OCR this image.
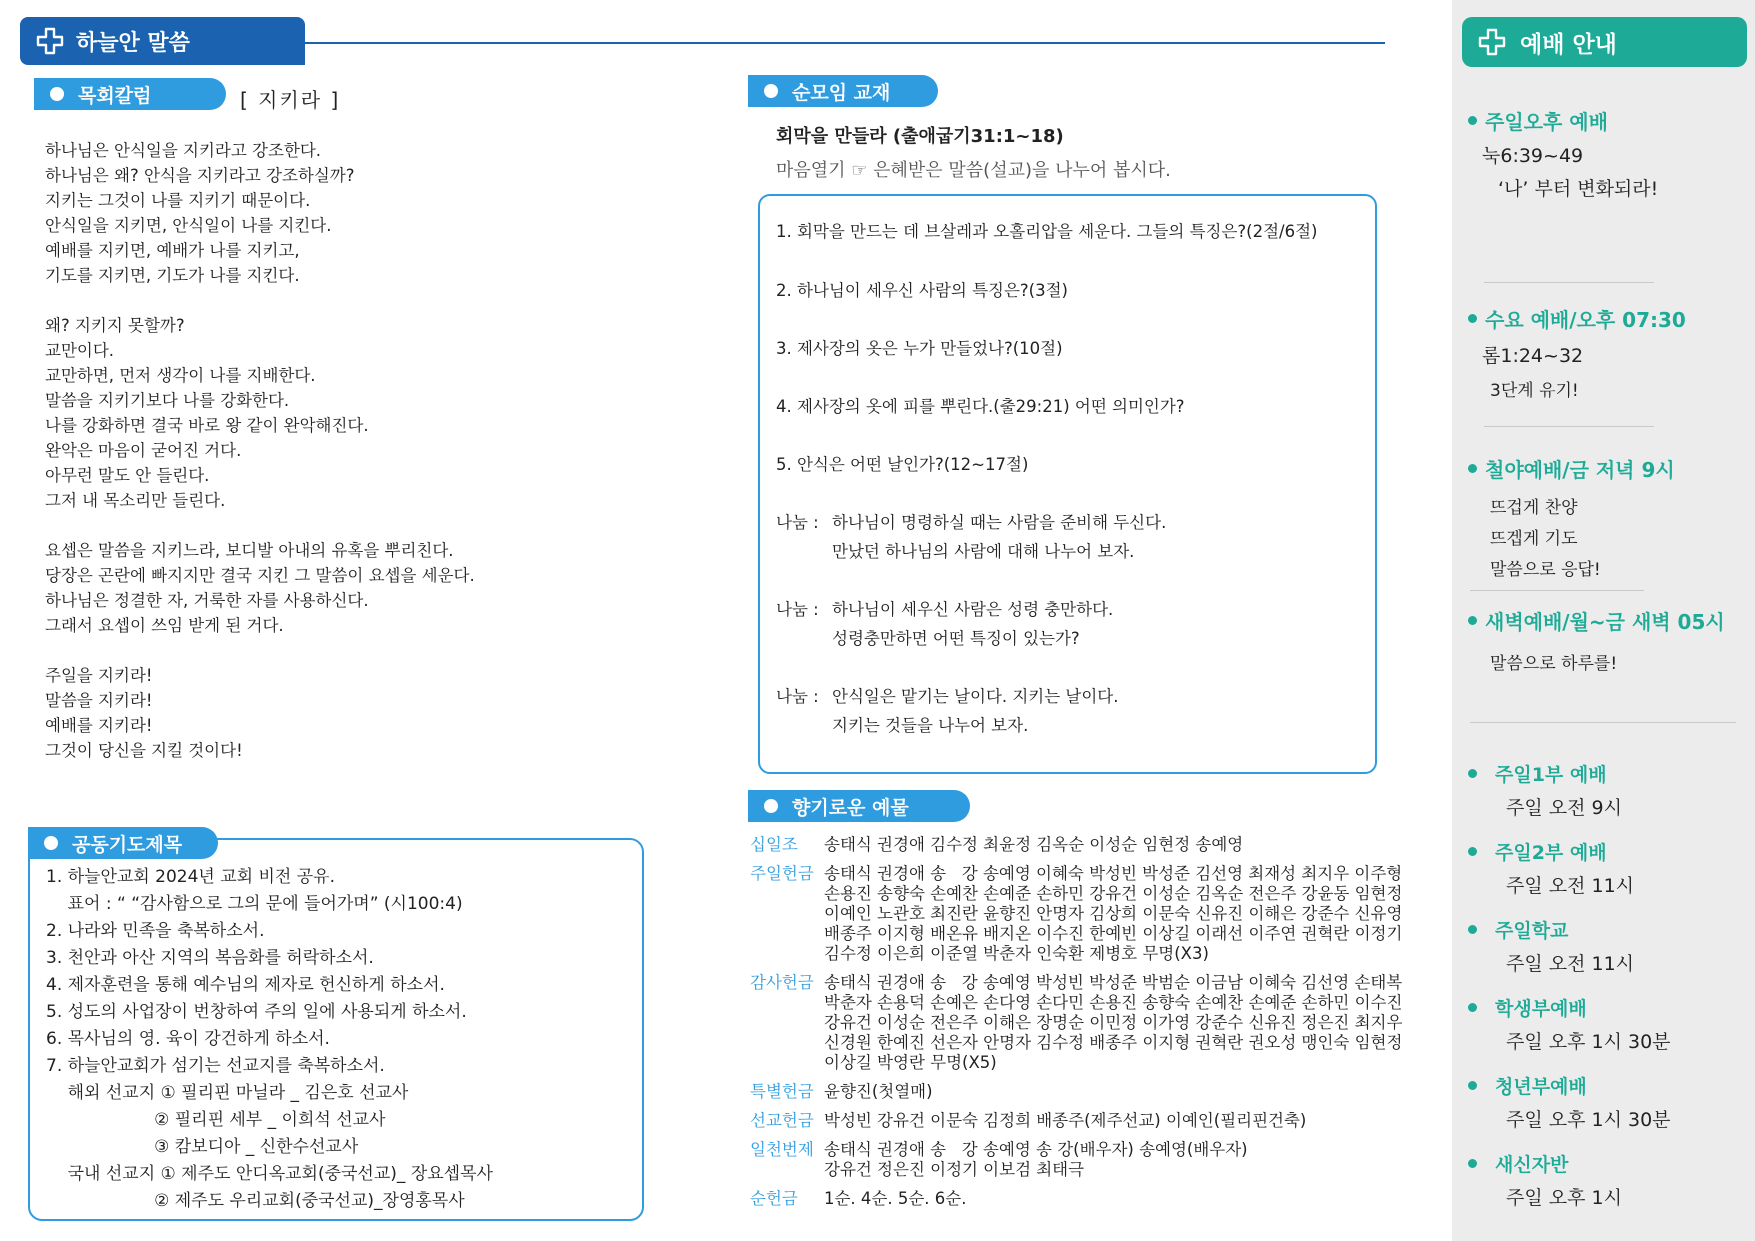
하늘안 말씀
목회칼럼	[ 지키라 ]

하나님은 안식일을 지키라고 강조한다.

하나님은 왜? 안식을 지키라고 강조하실까?

지키는 그것이 나를 지키기 때문이다.

안식일을 지키면, 안식일이 나를 지킨다.

예배를 지키면, 예배가 나를 지키고,

기도를 지키면, 기도가 나를 지킨다.

왜? 지키지 못할까?

교만이다.

교만하면, 먼저 생각이 나를 지배한다.

말씀을 지키기보다 나를 강화한다.

나를 강화하면 결국 바로 왕 같이 완악해진다.

완악은 마음이 굳어진 거다.

아무런 말도 안 들린다.

그저 내 목소리만 들린다.

요셉은 말씀을 지키느라, 보디발 아내의 유혹을 뿌리친다.

당장은 곤란에 빠지지만 결국 지킨 그 말씀이 요셉을 세운다.

하나님은 정결한 자, 거룩한 자를 사용하신다.

그래서 요셉이 쓰임 받게 된 거다.

주일을 지키라!

말씀을 지키라!

예배를 지키라!

그것이 당신을 지킬 것이다!

공동기도제목
1. 하늘안교회 2024년 교회 비전 공유.
표어 : “ “감사함으로 그의 문에 들어가며” (시100:4)
2. 나라와 민족을 축복하소서.
3. 천안과 아산 지역의 복음화를 허락하소서.
4. 제자훈련을 통해 예수님의 제자로 헌신하게 하소서.
5. 성도의 사업장이 번창하여 주의 일에 사용되게 하소서.
6. 목사님의 영. 육이 강건하게 하소서.
7. 하늘안교회가 섬기는 선교지를 축복하소서.
해외 선교지 ① 필리핀 마닐라 _ 김은호 선교사
② 필리핀 세부 _ 이희석 선교사
③ 캄보디아 _ 신한수선교사
국내 선교지 ① 제주도 안디옥교회(중국선교)_ 장요셉목사
② 제주도 우리교회(중국선교)_장영홍목사
순모임 교재
회막을 만들라 (출애굽기31:1~18)
마음열기 ☞ 은혜받은 말씀(설교)을 나누어 봅시다.
1. 회막을 만드는 데 브살레과 오홀리압을 세운다. 그들의 특징은?(2절/6절)
2. 하나님이 세우신 사람의 특징은?(3절)
3. 제사장의 옷은 누가 만들었나?(10절)
4. 제사장의 옷에 피를 뿌린다.(출29:21) 어떤 의미인가?
5. 안식은 어떤 날인가?(12~17절)
나눔 : 하나님이 명령하실 때는 사람을 준비해 두신다.
만났던 하나님의 사람에 대해 나누어 보자.
나눔 : 하나님이 세우신 사람은 성령 충만하다.
성령충만하면 어떤 특징이 있는가?
나눔 : 안식일은 맡기는 날이다. 지키는 날이다.
지키는 것들을 나누어 보자.
향기로운 예물
십일조	송태식 권경애 김수정 최윤정 김옥순 이성순 임현정 송예영
주일헌금 송태식 권경애 송   강 송예영 이혜숙 박성빈 박성준 김선영 최재성 최지우 이주형
손용진 송향숙 손예찬 손예준 손하민 강유건 이성순 김옥순 전은주 강윤동 임현정
이예인 노관호 최진란 윤향진 안명자 김상희 이문숙 신유진 이해은 강준수 신유영
배종주 이지형 배온유 배지온 이수진 한예빈 이상길 이래선 이주연 권혁란 이정기
김수정 이은희 이준열 박춘자 인숙환 제병호 무명(X3)
감사헌금 송태식 권경애 송   강 송예영 박성빈 박성준 박범순 이금남 이혜숙 김선영 손태복
박춘자 손용덕 손예은 손다영 손다민 손용진 송향숙 손예찬 손예준 손하민 이수진
강유건 이성순 전은주 이해은 장명순 이민정 이가영 강준수 신유진 정은진 최지우
신경원 한예진 선은자 안명자 김수정 배종주 이지형 권혁란 권오성 맹인숙 임현정
이상길 박영란 무명(X5)
특별헌금 윤향진(첫열매)
선교헌금 박성빈 강유건 이문숙 김정희 배종주(제주선교) 이예인(필리핀건축)
일천번제 송태식 권경애 송   강 송예영 송 강(배우자) 송예영(배우자)
강유건 정은진 이정기 이보검 최태극
순헌금	1순. 4순. 5순. 6순.
예배 안내
주일오후 예배
눅6:39~49
‘나’ 부터 변화되라!
수요 예배/오후 07:30
롬1:24~32
3단계 유기!
철야예배/금 저녁 9시
뜨겁게 찬양
뜨겝게 기도
말씀으로 응답!
새벽예배/월~금 새벽 05시
말씀으로 하루를!
주일1부 예배
주일 오전 9시
주일2부 예배
주일 오전 11시
주일학교
주일 오전 11시
학생부예배
주일 오후 1시 30분
청년부예배
주일 오후 1시 30분
새신자반
주일 오후 1시
